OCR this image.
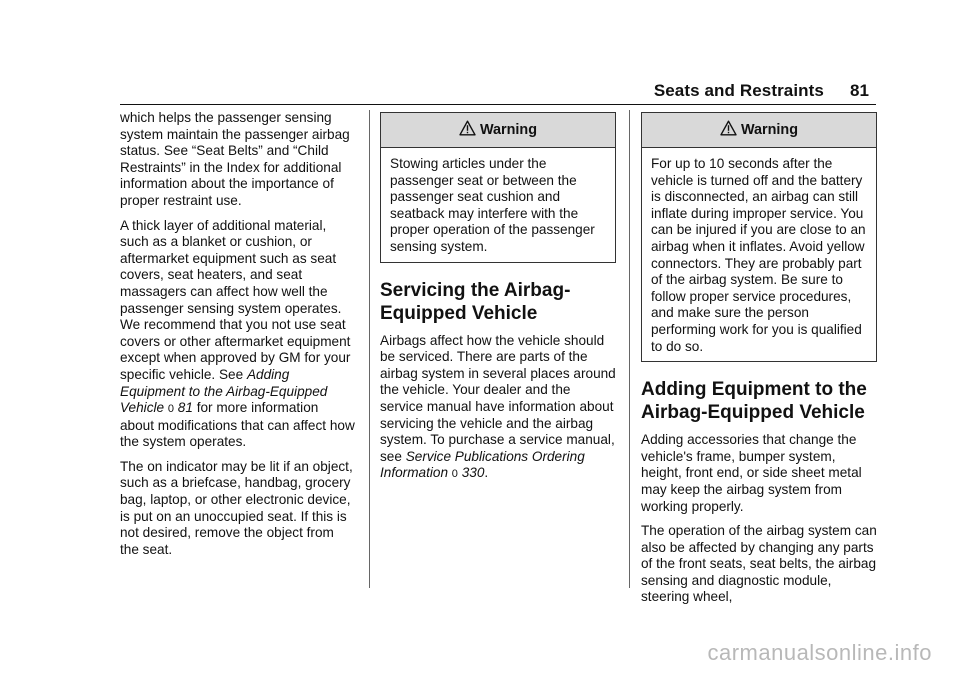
Seats and Restraints 81

which helps the passenger sensing system maintain the passenger airbag status. See “Seat Belts” and “Child Restraints” in the Index for additional information about the importance of proper restraint use.

A thick layer of additional material, such as a blanket or cushion, or aftermarket equipment such as seat covers, seat heaters, and seat massagers can affect how well the passenger sensing system operates. We recommend that you not use seat covers or other aftermarket equipment except when approved by GM for your specific vehicle. See Adding Equipment to the Airbag-Equipped Vehicle 0 81 for more information about modifications that can affect how the system operates.

The on indicator may be lit if an object, such as a briefcase, handbag, grocery bag, laptop, or other electronic device, is put on an unoccupied seat. If this is not desired, remove the object from the seat.

Warning
Stowing articles under the passenger seat or between the passenger seat cushion and seatback may interfere with the proper operation of the passenger sensing system.
Servicing the Airbag-Equipped Vehicle

Airbags affect how the vehicle should be serviced. There are parts of the airbag system in several places around the vehicle. Your dealer and the service manual have information about servicing the vehicle and the airbag system. To purchase a service manual, see Service Publications Ordering Information 0 330.

Warning
For up to 10 seconds after the vehicle is turned off and the battery is disconnected, an airbag can still inflate during improper service. You can be injured if you are close to an airbag when it inflates. Avoid yellow connectors. They are probably part of the airbag system. Be sure to follow proper service procedures, and make sure the person performing work for you is qualified to do so.
Adding Equipment to the Airbag-Equipped Vehicle

Adding accessories that change the vehicle's frame, bumper system, height, front end, or side sheet metal may keep the airbag system from working properly.

The operation of the airbag system can also be affected by changing any parts of the front seats, seat belts, the airbag sensing and diagnostic module, steering wheel,

carmanualsonline.info
